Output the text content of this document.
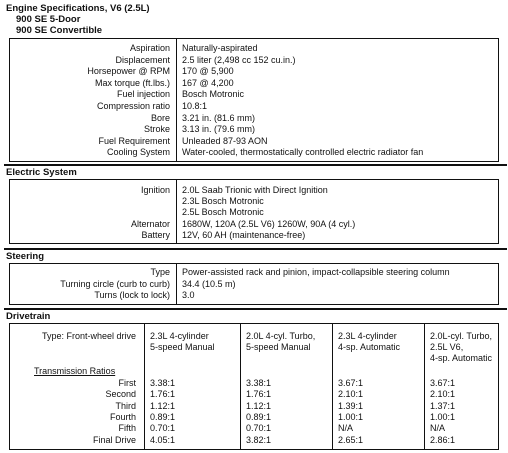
Engine Specifications, V6 (2.5L)
900 SE 5-Door
900 SE Convertible
Aspiration Naturally-aspirated
Displacement 2.5 liter (2,498 cc 152 cu.in.)
Horsepower @ RPM 170 @ 5,900
Max torque (ft.lbs.) 167 @ 4,200
Fuel injection Bosch Motronic
Compression ratio 10.8:1
Bore 3.21 in. (81.6 mm)
Stroke 3.13 in. (79.6 mm)
Fuel Requirement Unleaded 87-93 AON
Cooling System Water-cooled, thermostatically controlled electric radiator fan
Electric System
Ignition 2.0L Saab Trionic with Direct Ignition
2.3L Bosch Motronic
2.5L Bosch Motronic
Alternator 1680W, 120A (2.5L V6) 1260W, 90A (4 cyl.)
Battery 12V, 60 AH (maintenance-free)
Steering
Type Power-assisted rack and pinion, impact-collapsible steering column
Turning circle (curb to curb) 34.4 (10.5 m)
Turns (lock to lock) 3.0
Drivetrain
Type: Front-wheel drive
Transmission Ratios
2.3L 4-cylinder
5-speed Manual
3.38:1
1.76:1
1.12:1
0.89:1
0.70:1
4.05:1
2.0L 4-cyl. Turbo,
5-speed Manual
3.38:1
1.76:1
1.12:1
0.89:1
0.70:1
3.82:1
2.3L 4-cylinder
4-sp. Automatic
3.67:1
2.10:1
1.39:1
1.00:1
N/A
2.65:1
2.0L-cyl. Turbo,
2.5L V6,
4-sp. Automatic
3.67:1
2.10:1
1.37:1
1.00:1
N/A
2.86:1
First
Second
Third
Fourth
Fifth
Final Drive
